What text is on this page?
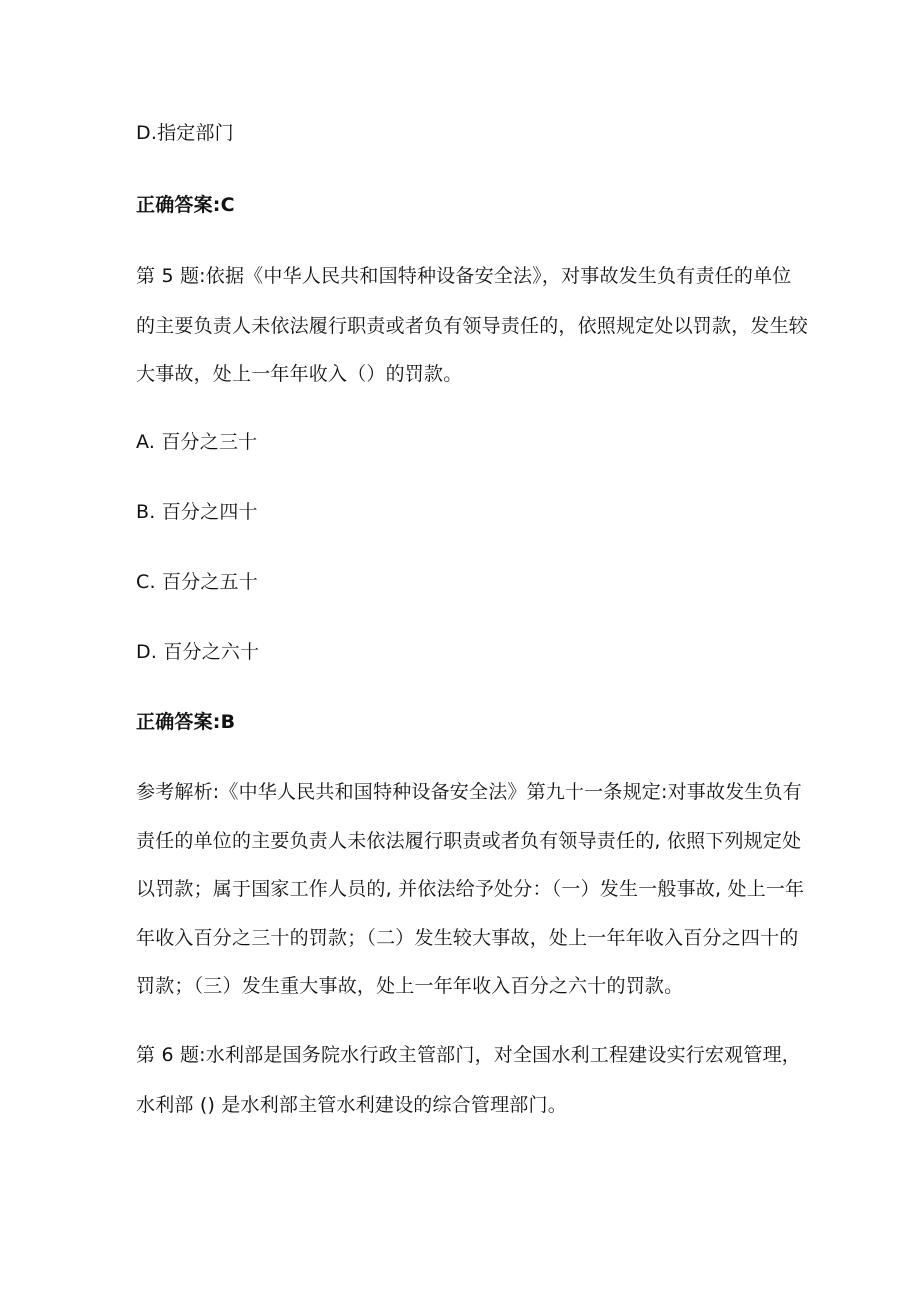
D.指定部门
正确答案:C
第 5 题:依据《中华人民共和国特种设备安全法》，对事故发生负有责任的单位
的主要负责人未依法履行职责或者负有领导责任的，依照规定处以罚款，发生较
大事故，处上一年年收入（）的罚款。
A. 百分之三十
B. 百分之四十
C. 百分之五十
D. 百分之六十
正确答案:B
参考解析:《中华人民共和国特种设备安全法》第九十一条规定:对事故发生负有
责任的单位的主要负责人未依法履行职责或者负有领导责任的, 依照下列规定处
以罚款；属于国家工作人员的, 并依法给予处分：（一）发生一般事故, 处上一年
年收入百分之三十的罚款；（二）发生较大事故，处上一年年收入百分之四十的
罚款；（三）发生重大事故，处上一年年收入百分之六十的罚款。
第 6 题:水利部是国务院水行政主管部门，对全国水利工程建设实行宏观管理，
水利部 () 是水利部主管水利建设的综合管理部门。
